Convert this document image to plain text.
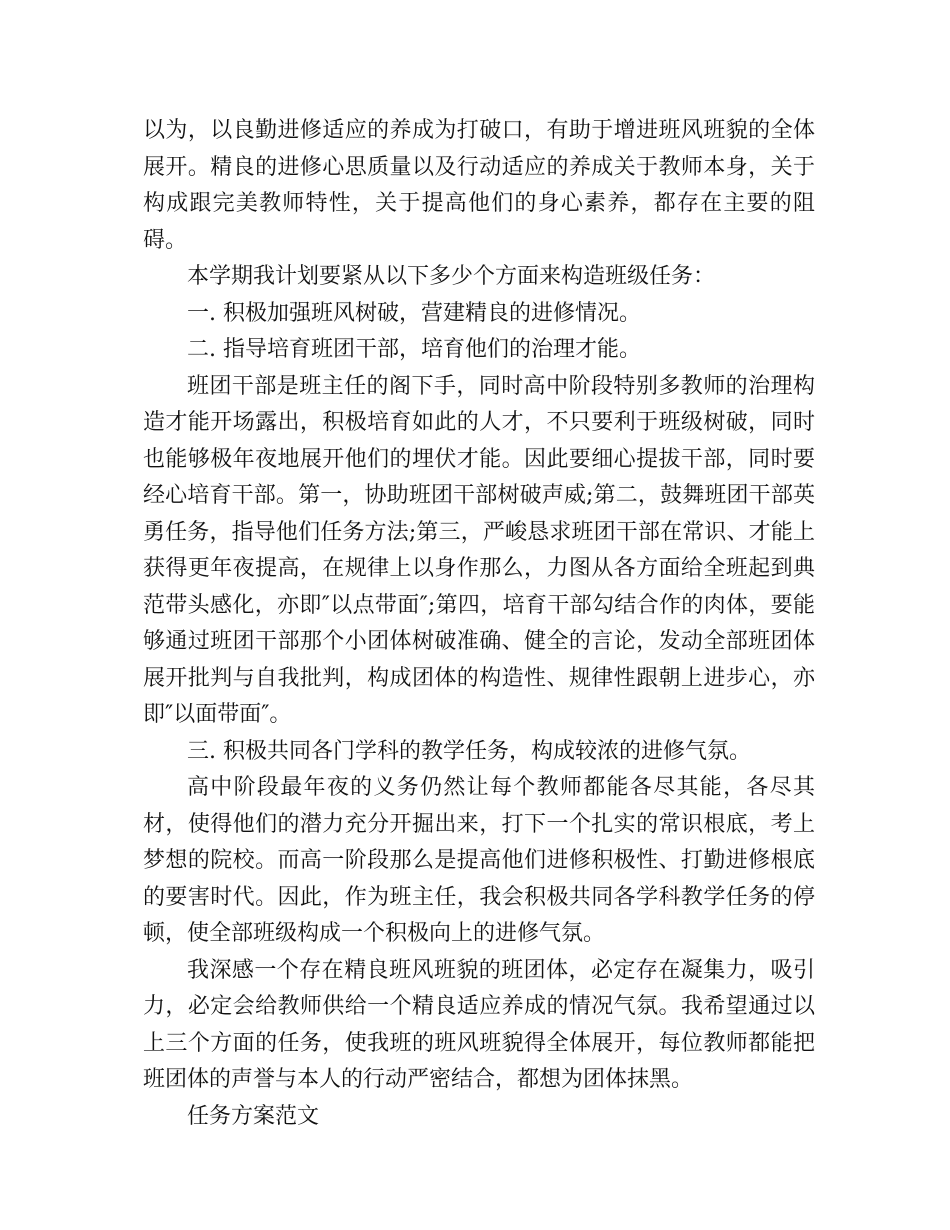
以为，以良勤进修适应的养成为打破口，有助于增进班风班貌的全体展开。精良的进修心思质量以及行动适应的养成关于教师本身，关于构成跟完美教师特性，关于提高他们的身心素养，都存在主要的阻碍。

本学期我计划要紧从以下多少个方面来构造班级任务：

一. 积极加强班风树破，营建精良的进修情况。

二. 指导培育班团干部，培育他们的治理才能。

班团干部是班主任的阁下手，同时高中阶段特别多教师的治理构造才能开场露出，积极培育如此的人才，不只要利于班级树破，同时也能够极年夜地展开他们的埋伏才能。因此要细心提拔干部，同时要经心培育干部。第一，协助班团干部树破声威;第二，鼓舞班团干部英勇任务，指导他们任务方法;第三，严峻恳求班团干部在常识、才能上获得更年夜提高，在规律上以身作那么，力图从各方面给全班起到典范带头感化，亦即″以点带面″;第四，培育干部勾结合作的肉体，要能够通过班团干部那个小团体树破准确、健全的言论，发动全部班团体展开批判与自我批判，构成团体的构造性、规律性跟朝上进步心，亦即″以面带面″。

三. 积极共同各门学科的教学任务，构成较浓的进修气氛。

高中阶段最年夜的义务仍然让每个教师都能各尽其能，各尽其材，使得他们的潜力充分开掘出来，打下一个扎实的常识根底，考上梦想的院校。而高一阶段那么是提高他们进修积极性、打勤进修根底的要害时代。因此，作为班主任，我会积极共同各学科教学任务的停顿，使全部班级构成一个积极向上的进修气氛。

我深感一个存在精良班风班貌的班团体，必定存在凝集力，吸引力，必定会给教师供给一个精良适应养成的情况气氛。我希望通过以上三个方面的任务，使我班的班风班貌得全体展开，每位教师都能把班团体的声誉与本人的行动严密结合，都想为团体抹黑。

任务方案范文
